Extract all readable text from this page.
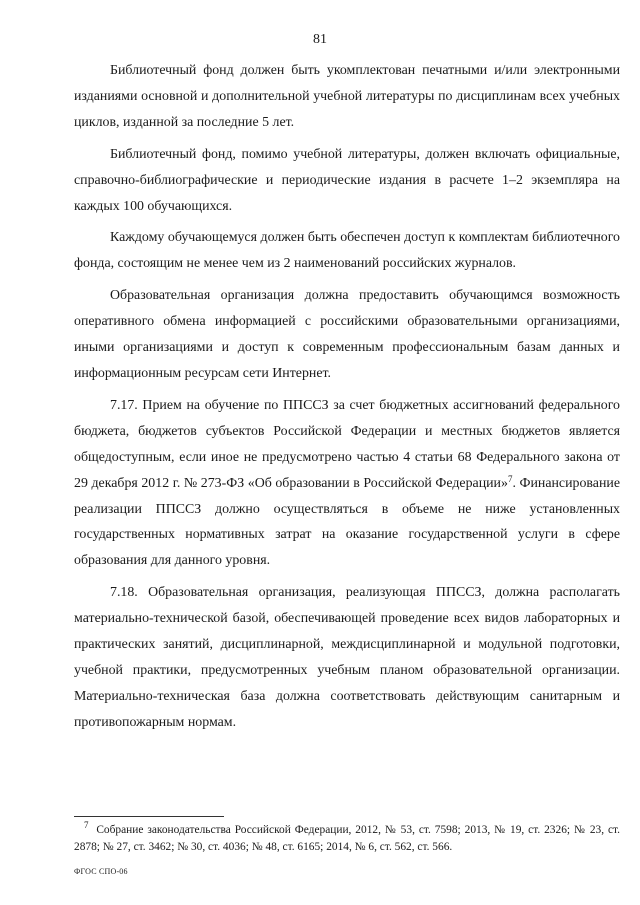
81

Библиотечный фонд должен быть укомплектован печатными и/или электронными изданиями основной и дополнительной учебной литературы по дисциплинам всех учебных циклов, изданной за последние 5 лет.

Библиотечный фонд, помимо учебной литературы, должен включать официальные, справочно-библиографические и периодические издания в расчете 1–2 экземпляра на каждых 100 обучающихся.

Каждому обучающемуся должен быть обеспечен доступ к комплектам библиотечного фонда, состоящим не менее чем из 2 наименований российских журналов.

Образовательная организация должна предоставить обучающимся возможность оперативного обмена информацией с российскими образовательными организациями, иными организациями и доступ к современным профессиональным базам данных и информационным ресурсам сети Интернет.

7.17. Прием на обучение по ППССЗ за счет бюджетных ассигнований федерального бюджета, бюджетов субъектов Российской Федерации и местных бюджетов является общедоступным, если иное не предусмотрено частью 4 статьи 68 Федерального закона от 29 декабря 2012 г. № 273-ФЗ «Об образовании в Российской Федерации»$^7$. Финансирование реализации ППССЗ должно осуществляться в объеме не ниже установленных государственных нормативных затрат на оказание государственной услуги в сфере образования для данного уровня.

7.18. Образовательная организация, реализующая ППССЗ, должна располагать материально-технической базой, обеспечивающей проведение всех видов лабораторных и практических занятий, дисциплинарной, междисциплинарной и модульной подготовки, учебной практики, предусмотренных учебным планом образовательной организации. Материально-техническая база должна соответствовать действующим санитарным и противопожарным нормам.

$^7$ Собрание законодательства Российской Федерации, 2012, № 53, ст. 7598; 2013, № 19, ст. 2326; № 23, ст. 2878; № 27, ст. 3462; № 30, ст. 4036; № 48, ст. 6165; 2014, № 6, ст. 562, ст. 566.
ФГОС СПО-06
